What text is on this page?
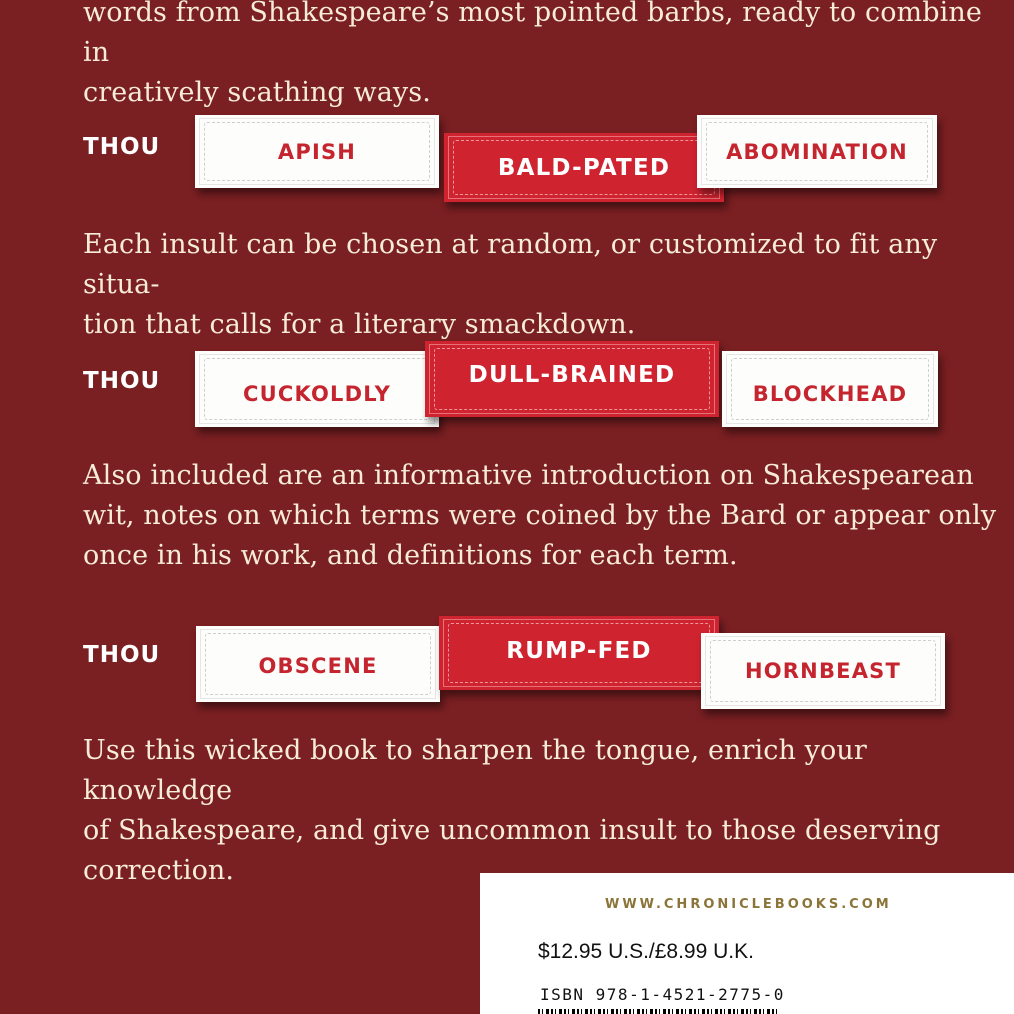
words from Shakespeare’s most pointed barbs, ready to combine in
creatively scathing ways.

THOU	APISH
BALD-PATED
ABOMINATION

Each insult can be chosen at random, or customized to fit any situa-
tion that calls for a literary smackdown.

THOU	CUCKOLDLY
DULL-BRAINED
BLOCKHEAD

Also included are an informative introduction on Shakespearean
wit, notes on which terms were coined by the Bard or appear only
once in his work, and definitions for each term.

THOU	OBSCENE
RUMP-FED
HORNBEAST

Use this wicked book to sharpen the tongue, enrich your knowledge
of Shakespeare, and give uncommon insult to those deserving
correction.

WWW.CHRONICLEBOOKS.COM
$12.95 U.S./£8.99 U.K.
ISBN 978-1-4521-2775-0
